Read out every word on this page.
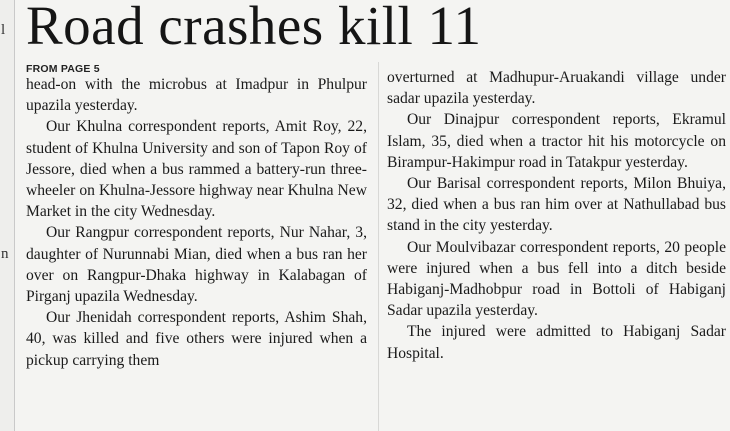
l
n
Road crashes kill 11
FROM PAGE 5

head-on with the microbus at Imadpur in Phulpur upazila yesterday.

Our Khulna correspondent reports, Amit Roy, 22, student of Khulna University and son of Tapon Roy of Jessore, died when a bus rammed a battery-run three-wheeler on Khulna-Jessore highway near Khulna New Market in the city Wednesday.

Our Rangpur correspondent reports, Nur Nahar, 3, daughter of Nurunnabi Mian, died when a bus ran her over on Rangpur-Dhaka highway in Kalabagan of Pirganj upazila Wednesday.

Our Jhenidah correspondent reports, Ashim Shah, 40, was killed and five others were injured when a pickup carrying them

overturned at Madhupur-Aruakandi village under sadar upazila yesterday.

Our Dinajpur correspondent reports, Ekramul Islam, 35, died when a tractor hit his motorcycle on Birampur-Hakimpur road in Tatakpur yesterday.

Our Barisal correspondent reports, Milon Bhuiya, 32, died when a bus ran him over at Nathullabad bus stand in the city yesterday.

Our Moulvibazar correspondent reports, 20 people were injured when a bus fell into a ditch beside Habiganj-Madhobpur road in Bottoli of Habiganj Sadar upazila yesterday.

The injured were admitted to Habiganj Sadar Hospital.
